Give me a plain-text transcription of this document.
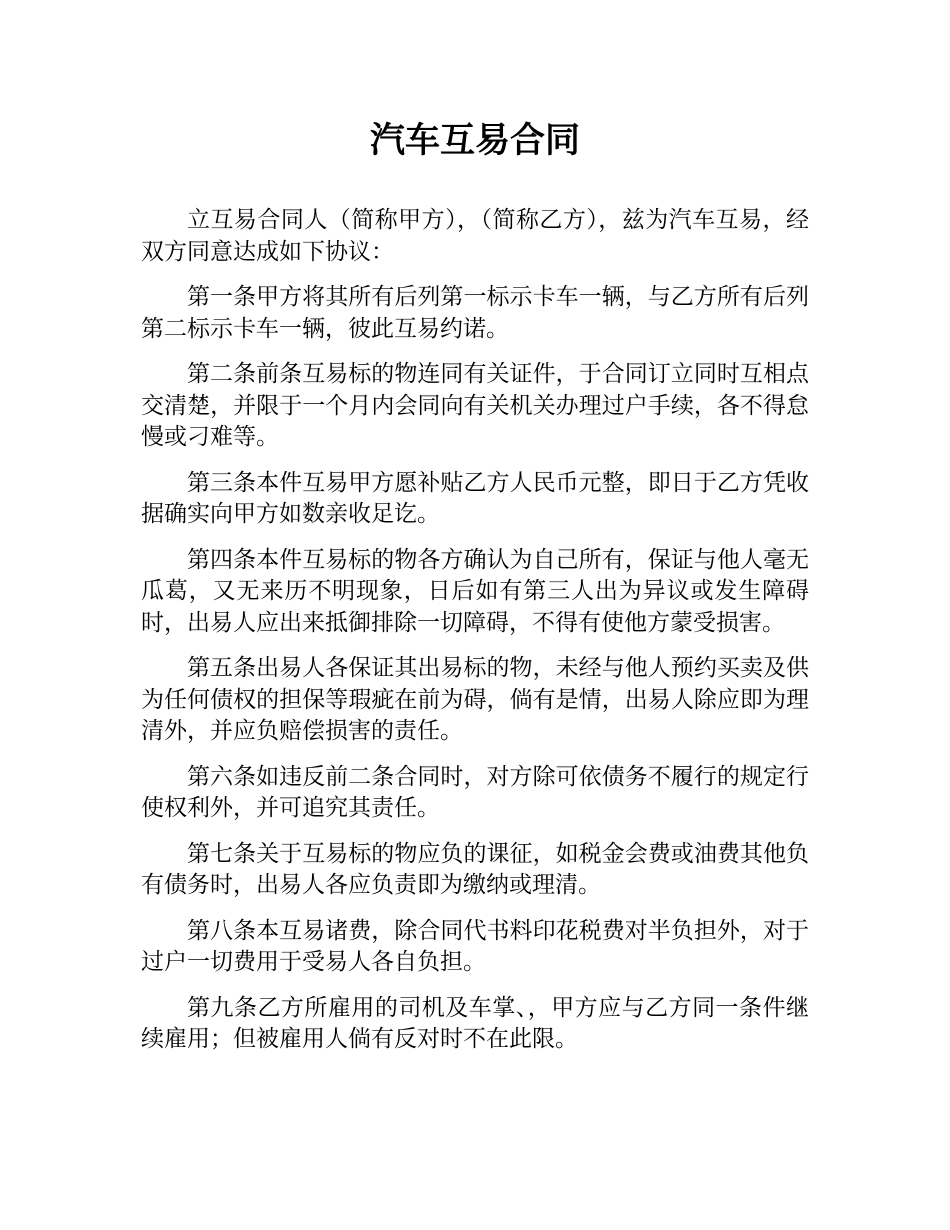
汽车互易合同

立互易合同人（简称甲方），（简称乙方），兹为汽车互易，经双方同意达成如下协议：

第一条甲方将其所有后列第一标示卡车一辆，与乙方所有后列第二标示卡车一辆，彼此互易约诺。

第二条前条互易标的物连同有关证件，于合同订立同时互相点交清楚，并限于一个月内会同向有关机关办理过户手续，各不得怠慢或刁难等。

第三条本件互易甲方愿补贴乙方人民币元整，即日于乙方凭收据确实向甲方如数亲收足讫。

第四条本件互易标的物各方确认为自己所有，保证与他人毫无瓜葛，又无来历不明现象，日后如有第三人出为异议或发生障碍时，出易人应出来抵御排除一切障碍，不得有使他方蒙受损害。

第五条出易人各保证其出易标的物，未经与他人预约买卖及供为任何债权的担保等瑕疵在前为碍，倘有是情，出易人除应即为理清外，并应负赔偿损害的责任。

第六条如违反前二条合同时，对方除可依债务不履行的规定行使权利外，并可追究其责任。

第七条关于互易标的物应负的课征，如税金会费或油费其他负有债务时，出易人各应负责即为缴纳或理清。

第八条本互易诸费，除合同代书料印花税费对半负担外，对于过户一切费用于受易人各自负担。

第九条乙方所雇用的司机及车掌、，甲方应与乙方同一条件继续雇用；但被雇用人倘有反对时不在此限。
